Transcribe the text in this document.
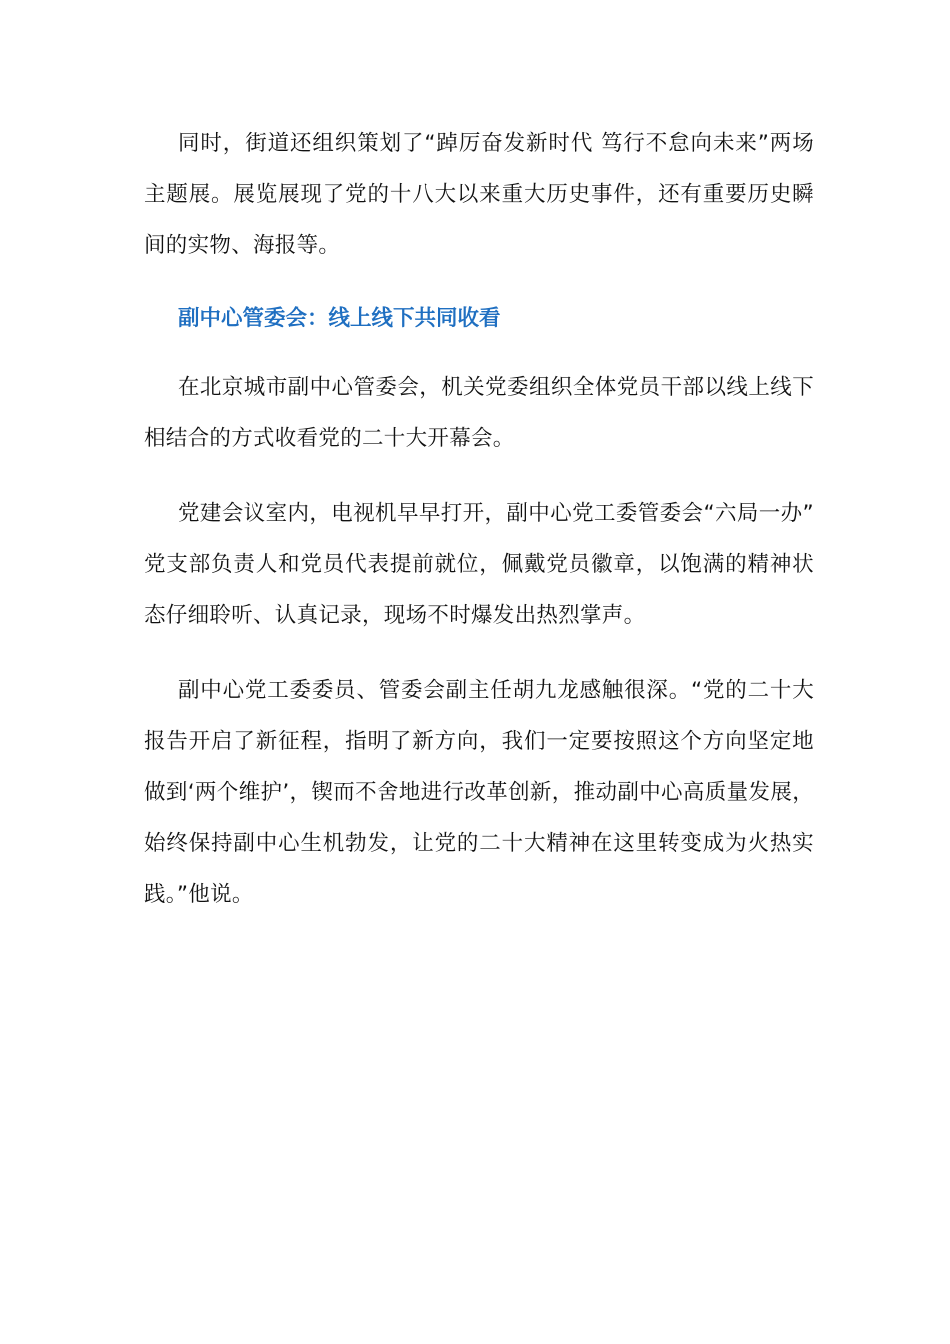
同时，街道还组织策划了“踔厉奋发新时代 笃行不怠向未来”两场主题展。展览展现了党的十八大以来重大历史事件，还有重要历史瞬间的实物、海报等。

副中心管委会：线上线下共同收看

在北京城市副中心管委会，机关党委组织全体党员干部以线上线下相结合的方式收看党的二十大开幕会。

党建会议室内，电视机早早打开，副中心党工委管委会“六局一办” 党支部负责人和党员代表提前就位，佩戴党员徽章，以饱满的精神状态仔细聆听、认真记录，现场不时爆发出热烈掌声。

副中心党工委委员、管委会副主任胡九龙感触很深。“党的二十大报告开启了新征程，指明了新方向，我们一定要按照这个方向坚定地做到‘两个维护’，锲而不舍地进行改革创新，推动副中心高质量发展， 始终保持副中心生机勃发，让党的二十大精神在这里转变成为火热实践。”他说。
